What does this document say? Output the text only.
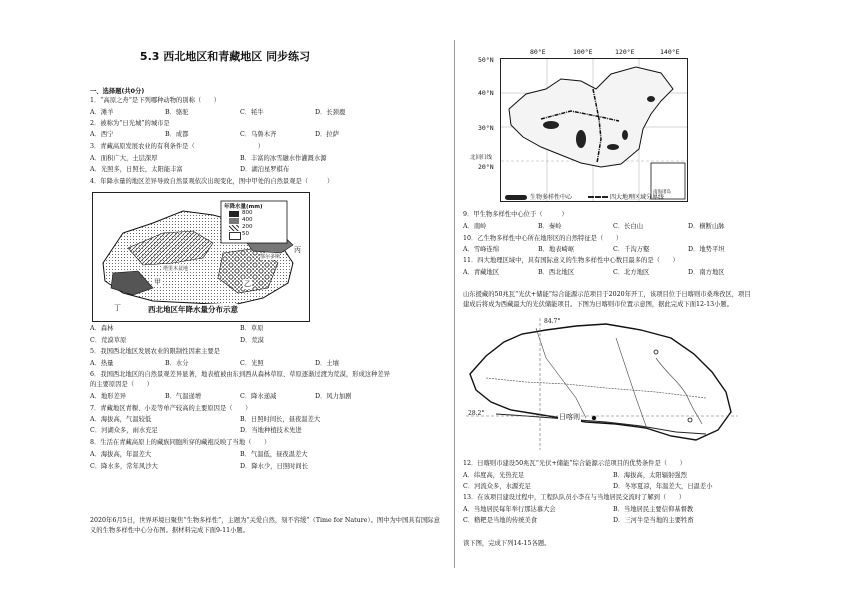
5.3 西北地区和青藏地区 同步练习
一、选择题(共0分)
1．“高原之舟”是下列哪种动物的别称（　　）
A．滩羊	B．骆驼	C．牦牛	D．长颈鹿
2．被称为“日光城”的城市是
A．西宁	B．成都	C．乌鲁木齐	D．拉萨
3．青藏高原发展农业的有利条件是（　　　　　　　　　　）
A．面积广大，土层深厚	B．丰富的冰雪融水作灌溉水源
A．光照多，日照长，太阳能丰富	D．湖泊星罗棋布
4．年降水量的地区差异导致自然景观依次出现变化，图中甲处的自然景观是（　　　）
年降水量(mm)
800
400
200
50
甲
塔里木盆地
乙
丙
丁
鄂尔多斯
西北地区年降水量分布示意
A．森林	B．草原
C．荒漠草原	D．荒漠
5．我国西北地区发展农业的限制性因素主要是
A．热量	B．水分	C．光照	D．土壤
6．我国西北地区的自然景观差异显著，地表植被由东到西从森林草原、草原逐渐过渡为荒漠，形成这种差异
的主要原因是（　　）
A．地形差异	B．气温递增	C．降水递减	D．风力加剧
7．青藏地区青稞、小麦等单产较高的主要原因是（　　）
A．海拔高，气温较低	B．日照时间长，昼夜温差大
C．河湖众多，雨水充足	D．当地种植技术先进
8．生活在青藏高原上的藏族同胞所穿的藏袍反映了当地（　　）
A．海拔高，年温差大	B．气温低，昼夜温差大
C．降水多，常年风沙大	D．降水少，日照时间长
2020年6月5日，世界环境日聚焦“生物多样性”，主题为“关爱自然，刻不容缓”（Time for Nature）。图中为中国具有国际意义的生物多样性中心分布图。据材料完成下面9-11小题。
南海诸岛
80°E	100°E	120°E	140°E
50°N
40°N
30°N
北回归线
20°N
生物多样性中心	四大地理区域分界线
9．甲生物多样性中心位于（　　　）
A．南岭	B．秦岭	C．长白山	D．横断山脉
10．乙生物多样性中心所在地形区的自然特征是（　　）
A．雪峰连绵	B．地表崎岖	C．千沟万壑	D．地势平坦
11．四大地理区域中，具有国际意义的生物多样性中心数目最多的是（　　）
A．青藏地区	B．西北地区	C．北方地区	D．南方地区
山东援藏的50兆瓦“光伏+储能”综合能源示范项目于2020年开工，该项目位于日喀则市桑珠孜区，项目建成后将成为西藏最大的光伏储能项目。下图为日喀则市位置示意图，据此完成下面12-13小题。
84.7°
28.2°	日喀则
12．日喀则市建设50兆瓦“光伏+储能”综合能源示范项目的优势条件是（　　）
A．纬度高，光热充足	B．海拔高，太阳辐射强烈
C．河流众多，水源充足	D．冬寒夏凉，年温差大，日温差小
13．在该项目建设过程中，工程队队员小李在与当地居民交流时了解到（　　）
A．当地居民每年举行那达慕大会	B．当地居民主要信仰基督教
C．糌粑是当地的传统美食	D．三河牛是当地的主要牲畜
读下图，完成下列14-15各题。
